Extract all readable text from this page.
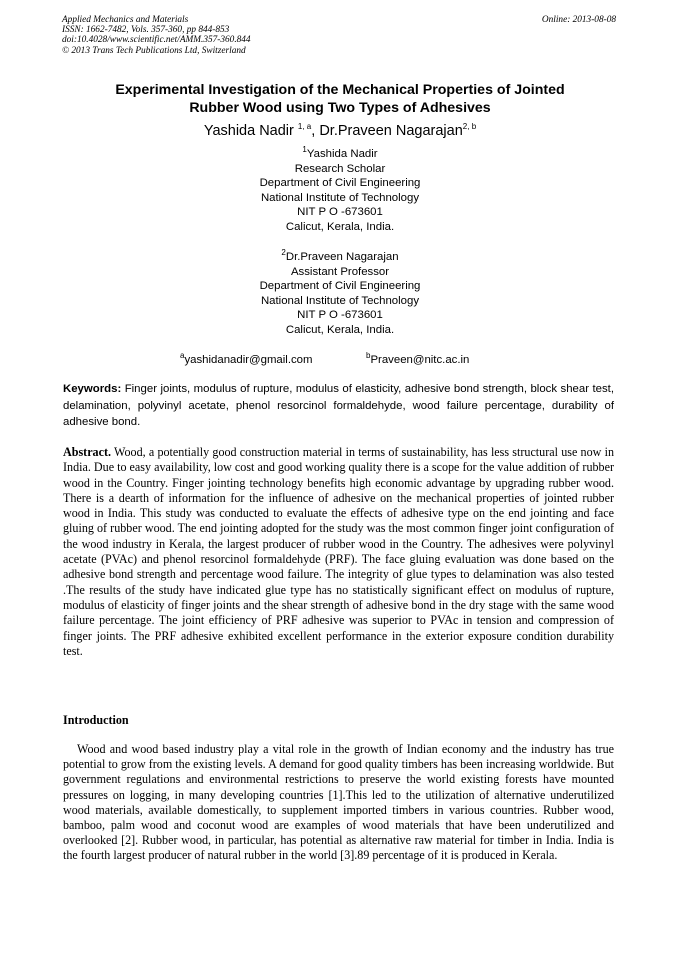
Applied Mechanics and Materials
ISSN: 1662-7482, Vols. 357-360, pp 844-853
doi:10.4028/www.scientific.net/AMM.357-360.844
© 2013 Trans Tech Publications Ltd, Switzerland
Online: 2013-08-08
Experimental Investigation of the Mechanical Properties of Jointed
Rubber Wood using Two Types of Adhesives
Yashida Nadir $^{1, a}$, Dr.Praveen Nagarajan$^{2, b}$
$^1$Yashida Nadir
Research Scholar
Department of Civil Engineering
National Institute of Technology
NIT P O -673601
Calicut, Kerala, India.
$^2$Dr.Praveen Nagarajan
Assistant Professor
Department of Civil Engineering
National Institute of Technology
NIT P O -673601
Calicut, Kerala, India.
$^a$yashidanadir@gmail.com	$^b$Praveen@nitc.ac.in
Keywords: Finger joints, modulus of rupture, modulus of elasticity, adhesive bond strength, block shear test, delamination, polyvinyl acetate, phenol resorcinol formaldehyde, wood failure percentage, durability of adhesive bond.
Abstract. Wood, a potentially good construction material in terms of sustainability, has less structural use now in India. Due to easy availability, low cost and good working quality there is a scope for the value addition of rubber wood in the Country. Finger jointing technology benefits high economic advantage by upgrading rubber wood. There is a dearth of information for the influence of adhesive on the mechanical properties of jointed rubber wood in India. This study was conducted to evaluate the effects of adhesive type on the end jointing and face gluing of rubber wood. The end jointing adopted for the study was the most common finger joint configuration of the wood industry in Kerala, the largest producer of rubber wood in the Country. The adhesives were polyvinyl acetate (PVAc) and phenol resorcinol formaldehyde (PRF). The face gluing evaluation was done based on the adhesive bond strength and percentage wood failure. The integrity of glue types to delamination was also tested .The results of the study have indicated glue type has no statistically significant effect on modulus of rupture, modulus of elasticity of finger joints and the shear strength of adhesive bond in the dry stage with the same wood failure percentage. The joint efficiency of PRF adhesive was superior to PVAc in tension and compression of finger joints. The PRF adhesive exhibited excellent performance in the exterior exposure condition durability test.
Introduction
Wood and wood based industry play a vital role in the growth of Indian economy and the industry has true potential to grow from the existing levels. A demand for good quality timbers has been increasing worldwide. But government regulations and environmental restrictions to preserve the world existing forests have mounted pressures on logging, in many developing countries [1].This led to the utilization of alternative underutilized wood materials, available domestically, to supplement imported timbers in various countries. Rubber wood, bamboo, palm wood and coconut wood are examples of wood materials that have been underutilized and overlooked [2]. Rubber wood, in particular, has potential as alternative raw material for timber in India. India is the fourth largest producer of natural rubber in the world [3].89 percentage of it is produced in Kerala.
